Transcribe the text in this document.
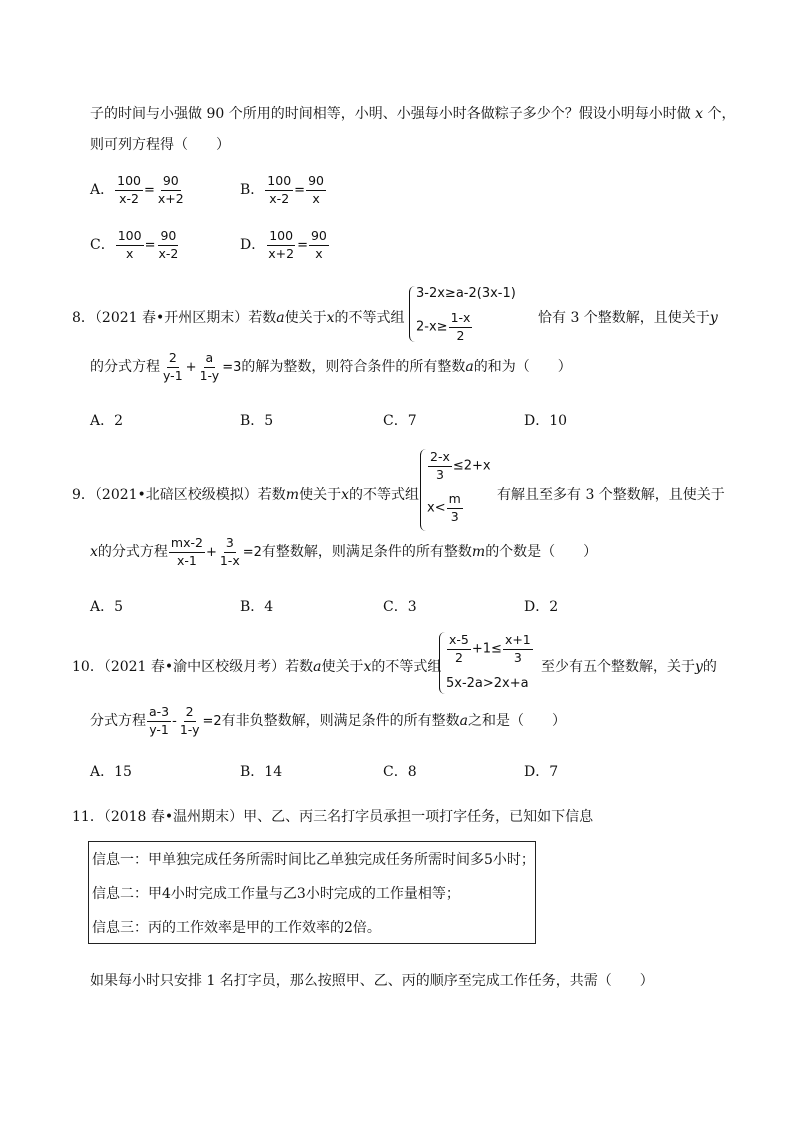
子的时间与小强做 90 个所用的时间相等，小明、小强每小时各做粽子多少个？假设小明每小时做 x 个，
则可列方程得（　　）
A． $\frac{100}{x-2} = \frac{90}{x+2}$	B． $\frac{100}{x-2} = \frac{90}{x}$
C． $\frac{100}{x} = \frac{90}{x-2}$	D． $\frac{100}{x+2} = \frac{90}{x}$
8．（2021 春•开州区期末）若数a使关于x的不等式组
3-2x≥a-2(3x-1)
$2-x\ge \frac{1-x}{2}$	恰有 3 个整数解，且使关于y
的分式方程 $\frac{2}{y-1} + \frac{a}{1-y} =3$的解为整数，则符合条件的所有整数a的和为（　　）
A．2	B．5	C．7	D．10
9．（2021•北碚区校级模拟）若数m使关于x的不等式组
$\frac{2-x}{3} \le 2+x$
$x< \frac{m}{3}$ 有解且至多有 3 个整数解，且使关于
x的分式方程 $\frac{mx-2}{x-1} + \frac{3}{1-x} =2$有整数解，则满足条件的所有整数m的个数是（　　）
A．5	B．4	C．3	D．2
10．（2021 春•渝中区校级月考）若数a使关于x的不等式组
$\frac{x-5}{2} +1\le \frac{x+1}{3}$
5x-2a>2x+a
至少有五个整数解，关于y的
分式方程 $\frac{a-3}{y-1} - \frac{2}{1-y} =2$有非负整数解，则满足条件的所有整数a之和是（　　）
A．15	B．14	C．8	D．7
11．（2018 春•温州期末）甲、乙、丙三名打字员承担一项打字任务，已知如下信息
信息一：甲单独完成任务所需时间比乙单独完成任务所需时间多5小时；
信息二：甲4小时完成工作量与乙3小时完成的工作量相等；
信息三：丙的工作效率是甲的工作效率的2倍。
如果每小时只安排 1 名打字员，那么按照甲、乙、丙的顺序至完成工作任务，共需（　　）
